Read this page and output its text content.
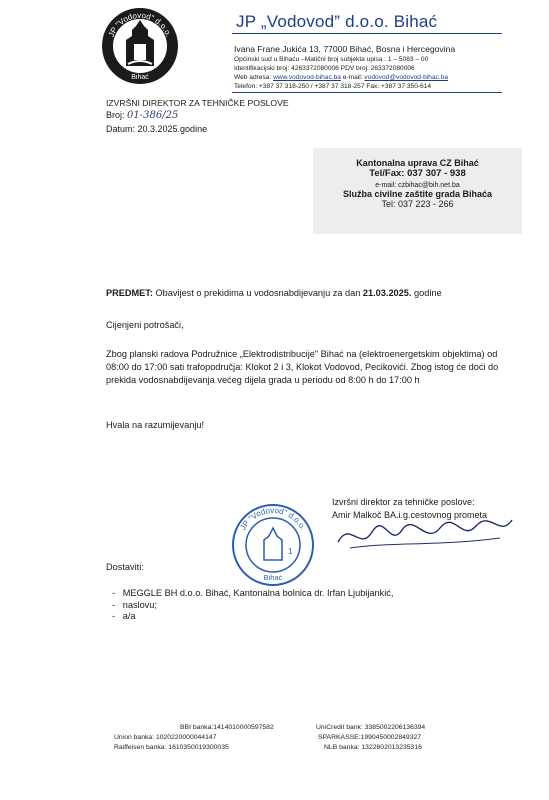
JP "Vodovod" d.o.o.
Bihać
JP „Vodovod” d.o.o. Bihać
Ivana Frane Jukića 13, 77000 Bihać, Bosna i Hercegovina
Općinski sud u Bihaću –Matični broj subjekta upisa : 1 – 5083 – 00
Identifikacijski broj: 4263372080006 PDV broj: 263372080006
Web adresa: www.vodovod-bihac.ba e-mail: vodovod@vodovod-bihac.ba
Telefon: +387 37 318-250 / +387 37 318-257 Fax: +387 37 350-614
IZVRŠNI DIREKTOR ZA TEHNIČKE POSLOVE
Broj: 01-386/25
Datum: 20.3.2025.godine
Kantonalna uprava CZ Bihać
Tel/Fax: 037 307 - 938
e-mail: czbihac@bih.net.ba
Služba civilne zaštite grada Bihaća
Tel: 037 223 - 266
PREDMET: Obavijest o prekidima u vodosnabdijevanju za dan 21.03.2025. godine
Cijenjeni potrošači,
Zbog planski radova Podružnice „Elektrodistribucije" Bihać na (elektroenergetskim objektima) od 08:00 do 17:00 sati trafopodručja: Klokot 2 i 3, Klokot Vodovod, Pecikovići. Zbog istog će doći do prekida vodosnabdijevanja većeg dijela grada u periodu od 8:00 h do 17:00 h
Hvala na razumijevanju!
JP "Vodovod" d.o.o.
Bihać
1
Izvršni direktor za tehničke poslove:
Amir Malkoč BA.i.g.cestovnog prometa
Dostaviti:
-   MEGGLE BH d.o.o. Bihać, Kantonalna bolnica dr. Irfan Ljubijankić,
-   naslovu;
-   a/a
BBI banka:1414010000597582
Union banka: 1020220000044147
Raiffeisen banka: 1610350019300035
UniCredit bank: 3385002206136394
SPARKASSE:1990450002849327
NLB banka: 1322602013235316
